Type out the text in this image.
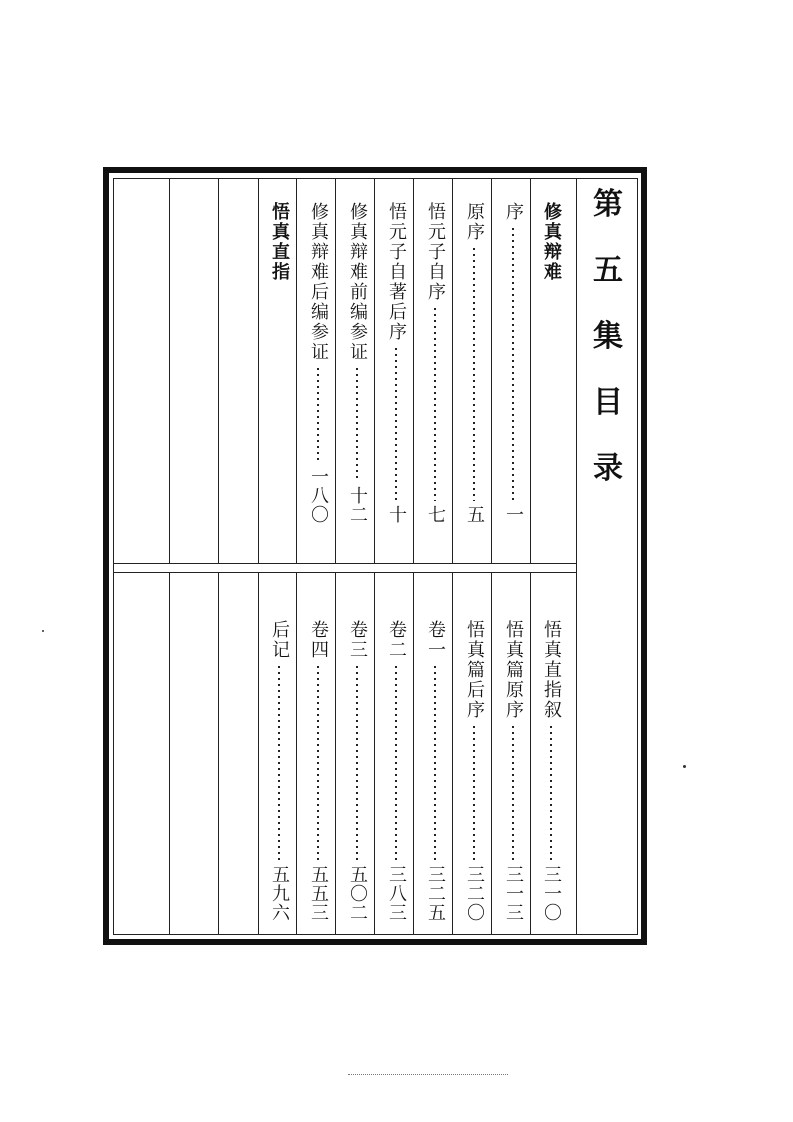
第
五
集
目
录
修真辩难
序
一
原序
五
悟元子自序
七
悟元子自著后序
十
修真辩难前编参证
十二
修真辩难后编参证
一八〇
悟真直指
悟真直指叙
三一〇
悟真篇原序
三一三
悟真篇后序
三二〇
卷一
三二五
卷二
三八三
卷三
五〇二
卷四
五五三
后记
五九六
